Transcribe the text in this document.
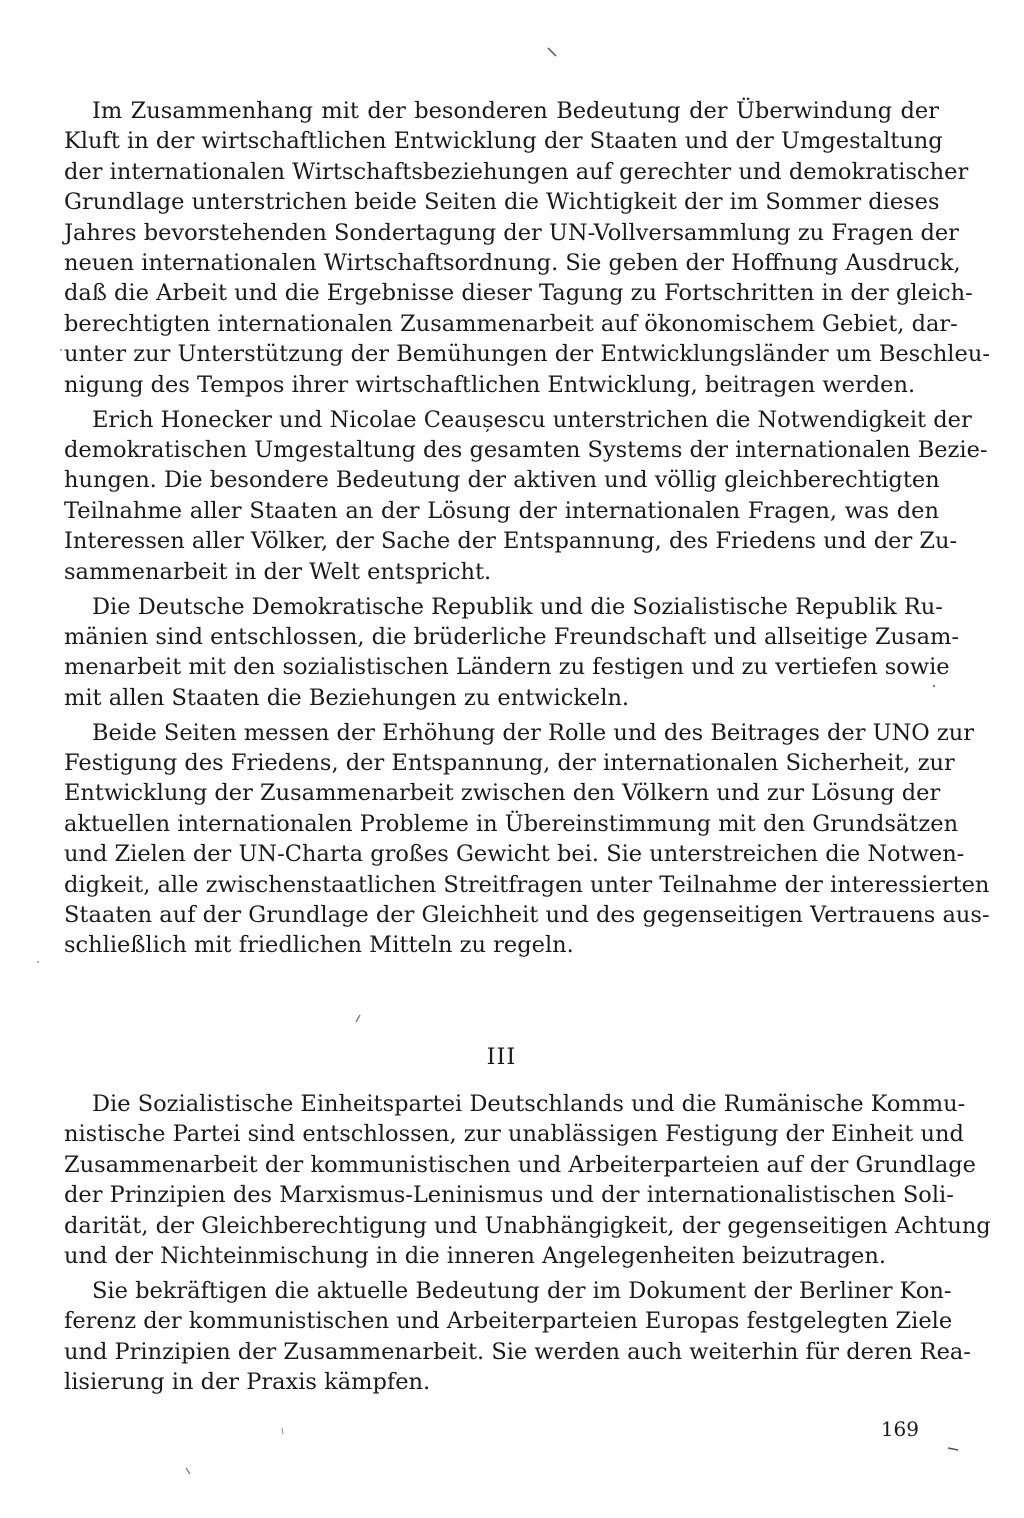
Im Zusammenhang mit der besonderen Bedeutung der Überwindung der
Kluft in der wirtschaftlichen Entwicklung der Staaten und der Umgestaltung
der internationalen Wirtschaftsbeziehungen auf gerechter und demokratischer
Grundlage unterstrichen beide Seiten die Wichtigkeit der im Sommer dieses
Jahres bevorstehenden Sondertagung der UN-Vollversammlung zu Fragen der
neuen internationalen Wirtschaftsordnung. Sie geben der Hoffnung Ausdruck,
daß die Arbeit und die Ergebnisse dieser Tagung zu Fortschritten in der gleich-
berechtigten internationalen Zusammenarbeit auf ökonomischem Gebiet, dar-
unter zur Unterstützung der Bemühungen der Entwicklungsländer um Beschleu-
nigung des Tempos ihrer wirtschaftlichen Entwicklung, beitragen werden.

Erich Honecker und Nicolae Ceaușescu unterstrichen die Notwendigkeit der
demokratischen Umgestaltung des gesamten Systems der internationalen Bezie-
hungen. Die besondere Bedeutung der aktiven und völlig gleichberechtigten
Teilnahme aller Staaten an der Lösung der internationalen Fragen, was den
Interessen aller Völker, der Sache der Entspannung, des Friedens und der Zu-
sammenarbeit in der Welt entspricht.

Die Deutsche Demokratische Republik und die Sozialistische Republik Ru-
mänien sind entschlossen, die brüderliche Freundschaft und allseitige Zusam-
menarbeit mit den sozialistischen Ländern zu festigen und zu vertiefen sowie
mit allen Staaten die Beziehungen zu entwickeln.

Beide Seiten messen der Erhöhung der Rolle und des Beitrages der UNO zur
Festigung des Friedens, der Entspannung, der internationalen Sicherheit, zur
Entwicklung der Zusammenarbeit zwischen den Völkern und zur Lösung der
aktuellen internationalen Probleme in Übereinstimmung mit den Grundsätzen
und Zielen der UN-Charta großes Gewicht bei. Sie unterstreichen die Notwen-
digkeit, alle zwischenstaatlichen Streitfragen unter Teilnahme der interessierten
Staaten auf der Grundlage der Gleichheit und des gegenseitigen Vertrauens aus-
schließlich mit friedlichen Mitteln zu regeln.

III

Die Sozialistische Einheitspartei Deutschlands und die Rumänische Kommu-
nistische Partei sind entschlossen, zur unablässigen Festigung der Einheit und
Zusammenarbeit der kommunistischen und Arbeiterparteien auf der Grundlage
der Prinzipien des Marxismus-Leninismus und der internationalistischen Soli-
darität, der Gleichberechtigung und Unabhängigkeit, der gegenseitigen Achtung
und der Nichteinmischung in die inneren Angelegenheiten beizutragen.

Sie bekräftigen die aktuelle Bedeutung der im Dokument der Berliner Kon-
ferenz der kommunistischen und Arbeiterparteien Europas festgelegten Ziele
und Prinzipien der Zusammenarbeit. Sie werden auch weiterhin für deren Rea-
lisierung in der Praxis kämpfen.

169
